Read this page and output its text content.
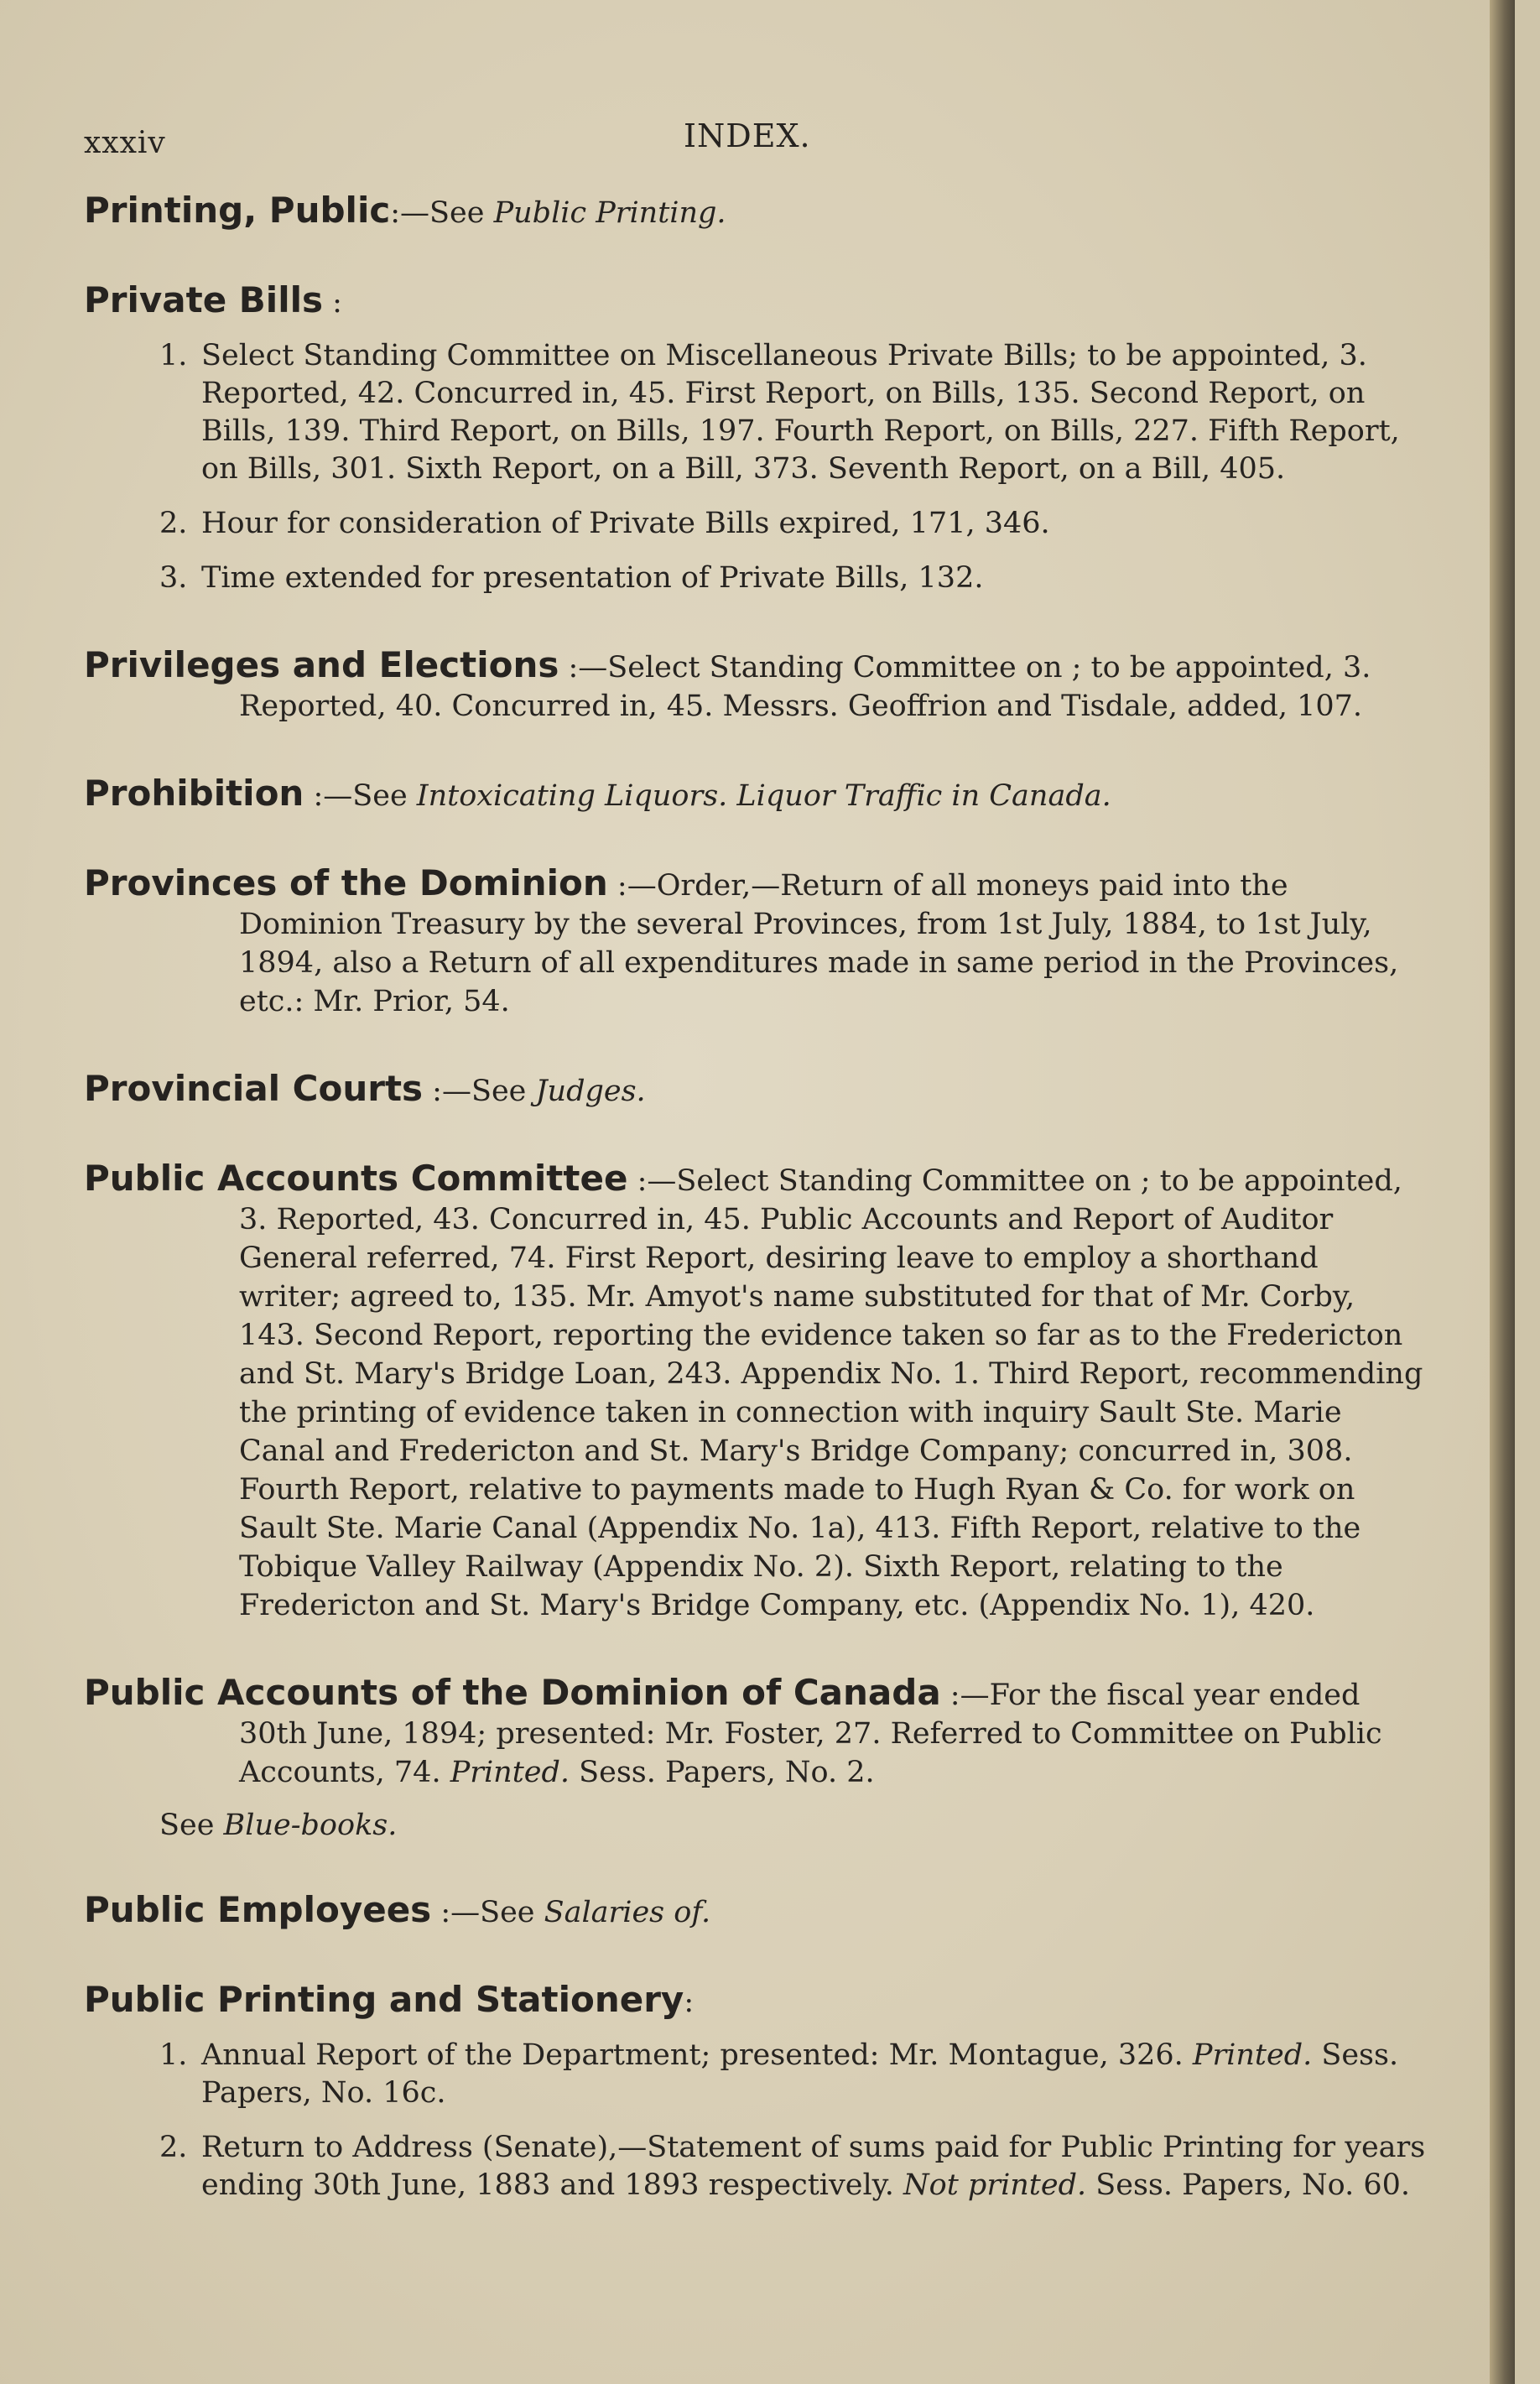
xxxiv	INDEX.
Printing, Public:—See Public Printing.
Private Bills :
1. Select Standing Committee on Miscellaneous Private Bills; to be appointed, 3. Reported, 42. Concurred in, 45. First Report, on Bills, 135. Second Report, on Bills, 139. Third Report, on Bills, 197. Fourth Report, on Bills, 227. Fifth Report, on Bills, 301. Sixth Report, on a Bill, 373. Seventh Report, on a Bill, 405.
2. Hour for consideration of Private Bills expired, 171, 346.
3. Time extended for presentation of Private Bills, 132.
Privileges and Elections :—Select Standing Committee on ; to be appointed, 3. Reported, 40. Concurred in, 45. Messrs. Geoffrion and Tisdale, added, 107.
Prohibition :—See Intoxicating Liquors. Liquor Traffic in Canada.
Provinces of the Dominion :—Order,—Return of all moneys paid into the Dominion Treasury by the several Provinces, from 1st July, 1884, to 1st July, 1894, also a Return of all expenditures made in same period in the Provinces, etc.: Mr. Prior, 54.
Provincial Courts :—See Judges.
Public Accounts Committee :—Select Standing Committee on ; to be appointed, 3. Reported, 43. Concurred in, 45. Public Accounts and Report of Auditor General referred, 74. First Report, desiring leave to employ a shorthand writer; agreed to, 135. Mr. Amyot's name substituted for that of Mr. Corby, 143. Second Report, reporting the evidence taken so far as to the Fredericton and St. Mary's Bridge Loan, 243. Appendix No. 1. Third Report, recommending the printing of evidence taken in connection with inquiry Sault Ste. Marie Canal and Fredericton and St. Mary's Bridge Company; concurred in, 308. Fourth Report, relative to payments made to Hugh Ryan & Co. for work on Sault Ste. Marie Canal (Appendix No. 1a), 413. Fifth Report, relative to the Tobique Valley Railway (Appendix No. 2). Sixth Report, relating to the Fredericton and St. Mary's Bridge Company, etc. (Appendix No. 1), 420.
Public Accounts of the Dominion of Canada :—For the fiscal year ended 30th June, 1894; presented: Mr. Foster, 27. Referred to Committee on Public Accounts, 74. Printed. Sess. Papers, No. 2.
See Blue-books.
Public Employees :—See Salaries of.
Public Printing and Stationery:
1. Annual Report of the Department; presented: Mr. Montague, 326. Printed. Sess. Papers, No. 16c.
2. Return to Address (Senate),—Statement of sums paid for Public Printing for years ending 30th June, 1883 and 1893 respectively. Not printed. Sess. Papers, No. 60.
